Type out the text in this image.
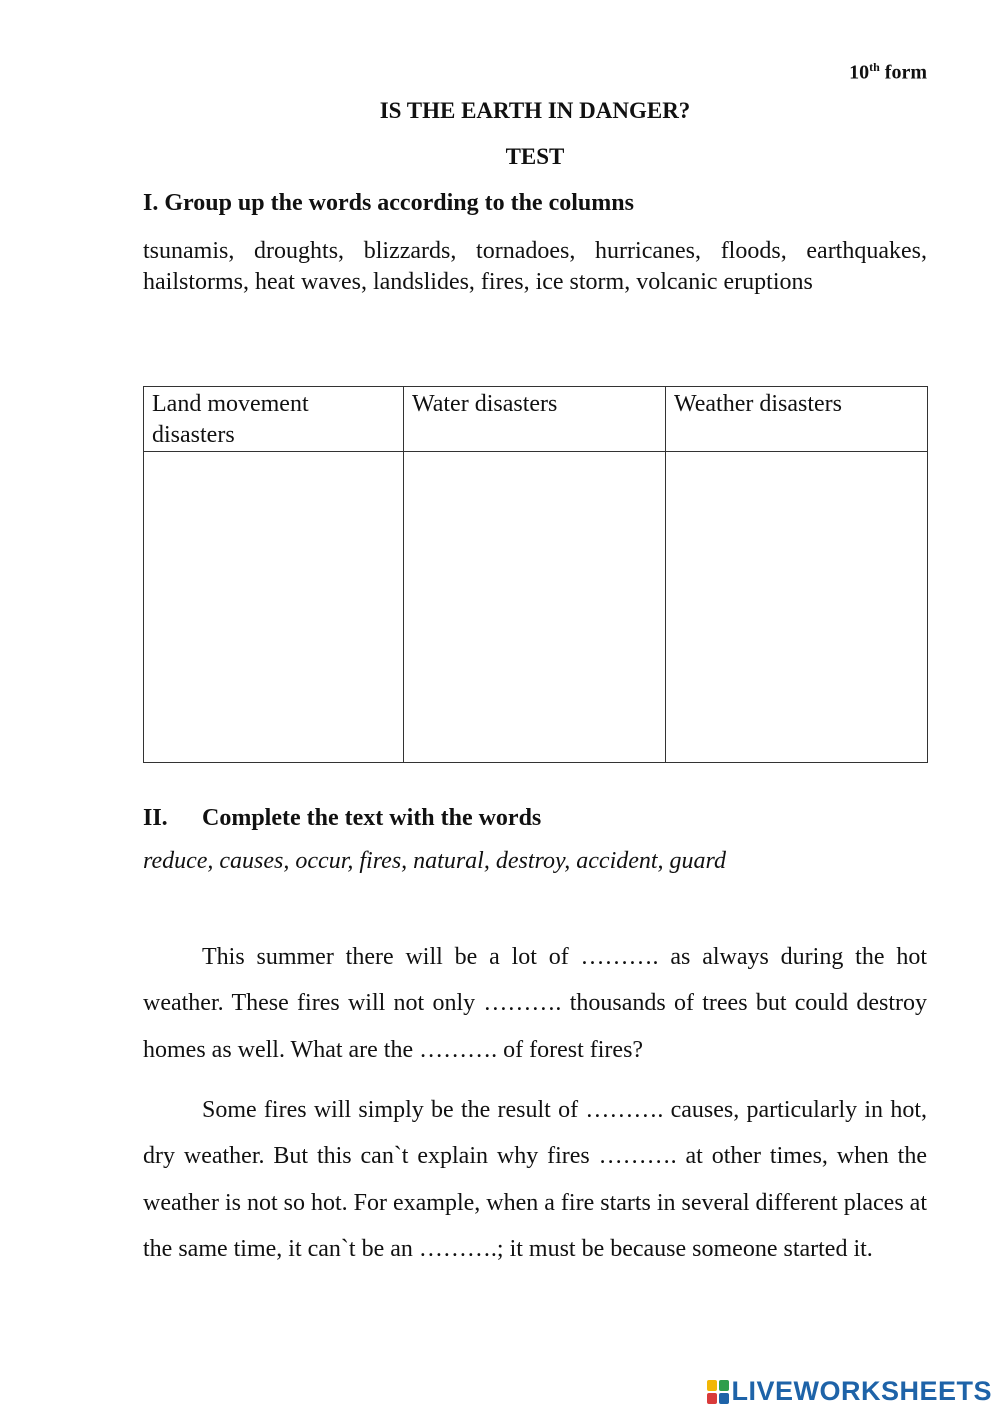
10th form
IS THE EARTH IN DANGER?
TEST
I. Group up the words according to the columns
tsunamis, droughts, blizzards, tornadoes, hurricanes, floods, earthquakes, hailstorms, heat waves, landslides, fires, ice storm, volcanic eruptions
Land movement disasters	Water disasters	Weather disasters

II. Complete the text with the words
reduce, causes, occur, fires, natural, destroy, accident, guard

This summer there will be a lot of ………. as always during the hot weather. These fires will not only ………. thousands of trees but could destroy homes as well. What are the ………. of forest fires?

Some fires will simply be the result of ………. causes, particularly in hot, dry weather. But this can`t explain why fires ………. at other times, when the weather is not so hot. For example, when a fire starts in several different places at the same time, it can`t be an ……….; it must be because someone started it.

LIVEWORKSHEETS
